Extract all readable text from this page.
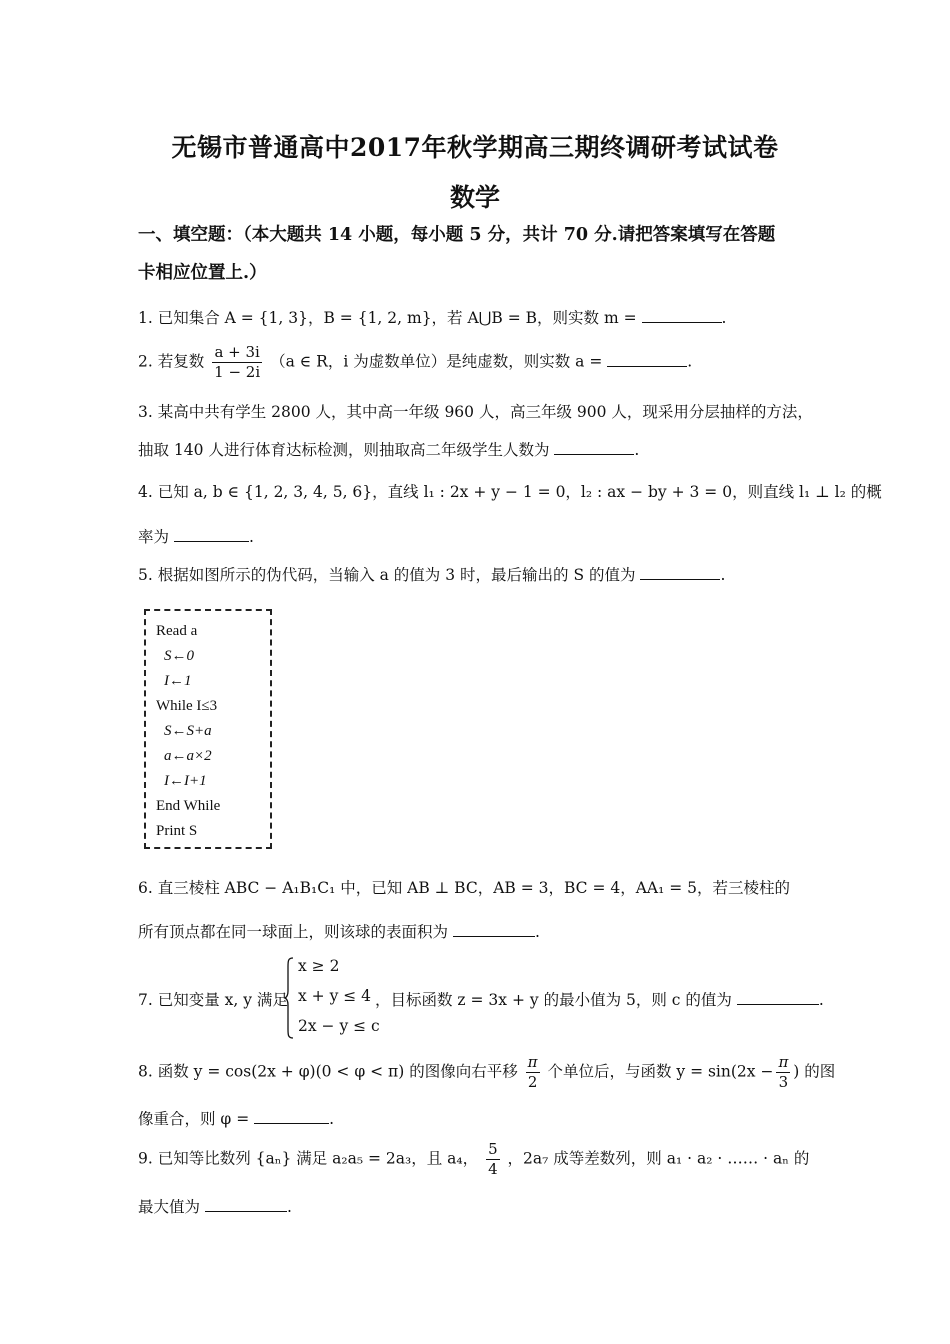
无锡市普通高中2017年秋学期高三期终调研考试试卷
数学
一、填空题：（本大题共 14 小题，每小题 5 分，共计 70 分.请把答案填写在答题
卡相应位置上.）
1. 已知集合 A = {1, 3}，B = {1, 2, m}，若 A⋃B = B，则实数 m =	.
2. 若复数 $\frac{a + 3i}{1 - 2i} (a$ ∈ R，i 为虚数单位）是纯虚数，则实数 a =	.
3. 某高中共有学生 2800 人，其中高一年级 960 人，高三年级 900 人，现采用分层抽样的方法，
抽取 140 人进行体育达标检测，则抽取高二年级学生人数为	.
4. 已知 a, b ∈ {1, 2, 3, 4, 5, 6}，直线 l₁ : 2x + y − 1 = 0，l₂ : ax − by + 3 = 0，则直线 l₁ ⊥ l₂ 的概
率为	.
5. 根据如图所示的伪代码，当输入 a 的值为 3 时，最后输出的 S 的值为	.
Read a
S←0
I←1
While I≤3
S←S+a
a←a×2
I←I+1
End While
Print S
6. 直三棱柱 ABC − A₁B₁C₁ 中，已知 AB ⊥ BC，AB = 3，BC = 4，AA₁ = 5，若三棱柱的
所有顶点都在同一球面上，则该球的表面积为	.
7. 已知变量 x, y 满足
x ≥ 2
x + y ≤ 4
2x − y ≤ c
，目标函数 z = 3x + y 的最小值为 5，则 c 的值为	.
8. 函数 y = cos(2x + φ)(0 < φ < π) 的图像向右平移 $\frac{\pi}{2}$ 个单位后，与函数 $y = \sin(2x - \frac{\pi}{3}$ ) 的图
像重合，则 φ =	.
9. 已知等比数列 {aₙ} 满足 a₂a₅ = 2a₃，且 a₄， $\frac{5}{4}$ ，2a₇ 成等差数列，则 a₁ · a₂ · …… · aₙ 的
最大值为	.
